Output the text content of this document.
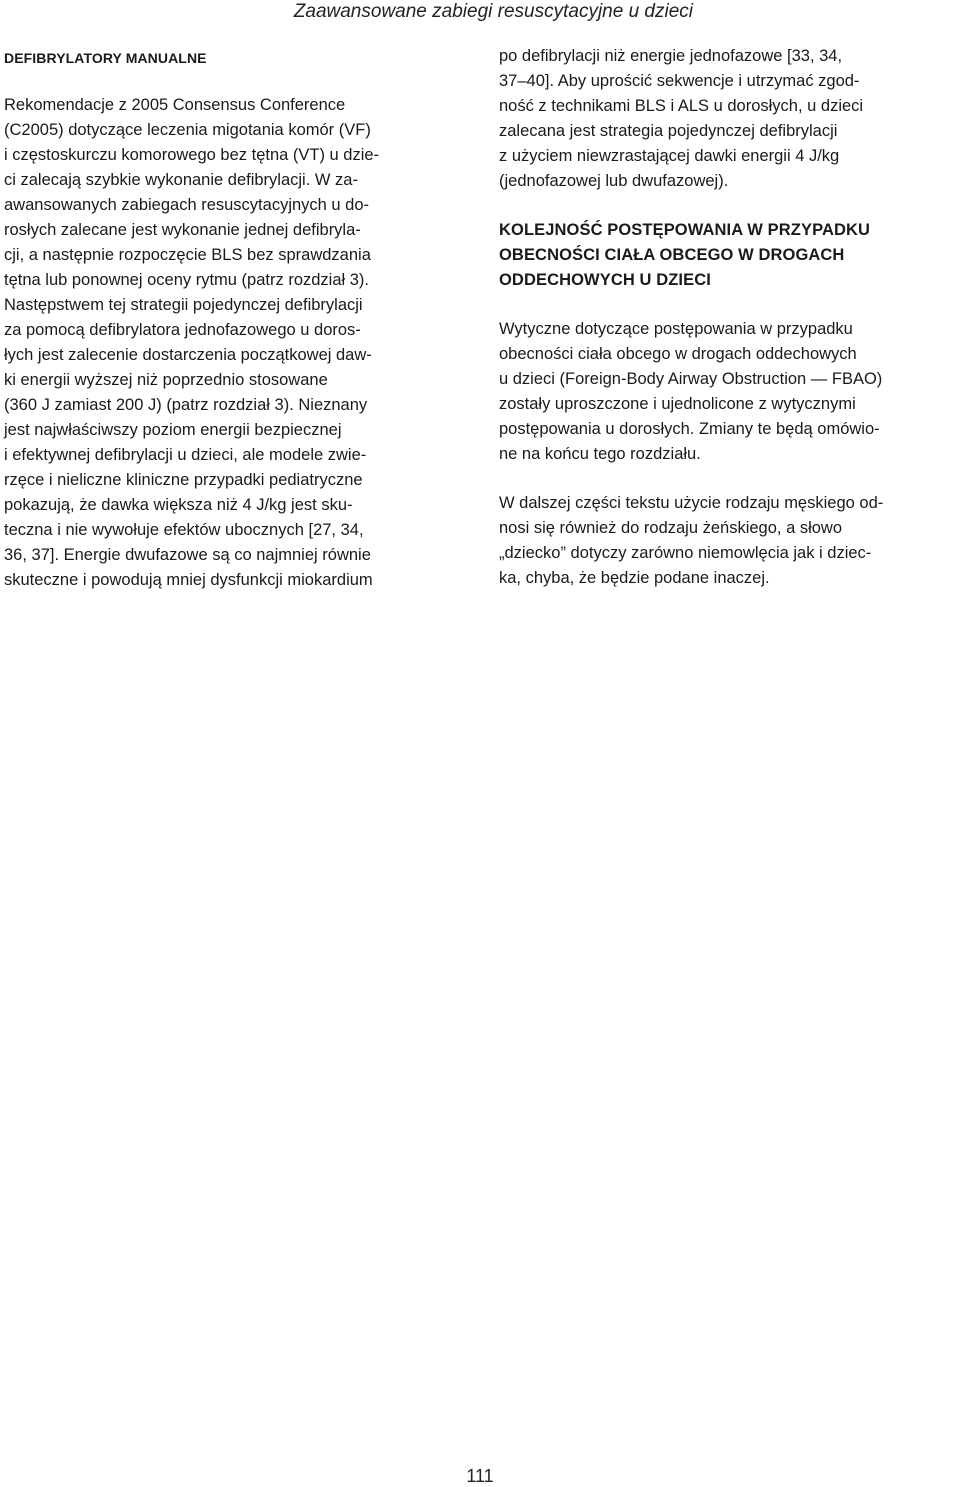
Zaawansowane zabiegi resuscytacyjne u dzieci
DEFIBRYLATORY MANUALNE
Rekomendacje z 2005 Consensus Conference
(C2005) dotyczące leczenia migotania komór (VF)
i częstoskurczu komorowego bez tętna (VT) u dzie-
ci zalecają szybkie wykonanie defibrylacji. W za-
awansowanych zabiegach resuscytacyjnych u do-
rosłych zalecane jest wykonanie jednej defibryla-
cji, a następnie rozpoczęcie BLS bez sprawdzania
tętna lub ponownej oceny rytmu (patrz rozdział 3).
Następstwem tej strategii pojedynczej defibrylacji
za pomocą defibrylatora jednofazowego u doros-
łych jest zalecenie dostarczenia początkowej daw-
ki energii wyższej niż poprzednio stosowane
(360 J zamiast 200 J) (patrz rozdział 3). Nieznany
jest najwłaściwszy poziom energii bezpiecznej
i efektywnej defibrylacji u dzieci, ale modele zwie-
rzęce i nieliczne kliniczne przypadki pediatryczne
pokazują, że dawka większa niż 4 J/kg jest sku-
teczna i nie wywołuje efektów ubocznych [27, 34,
36, 37]. Energie dwufazowe są co najmniej równie
skuteczne i powodują mniej dysfunkcji miokardium
po defibrylacji niż energie jednofazowe [33, 34,
37–40]. Aby uprościć sekwencje i utrzymać zgod-
ność z technikami BLS i ALS u dorosłych, u dzieci
zalecana jest strategia pojedynczej defibrylacji
z użyciem niewzrastającej dawki energii 4 J/kg
(jednofazowej lub dwufazowej).
KOLEJNOŚĆ POSTĘPOWANIA W PRZYPADKU
OBECNOŚCI CIAŁA OBCEGO W DROGACH
ODDECHOWYCH U DZIECI
Wytyczne dotyczące postępowania w przypadku
obecności ciała obcego w drogach oddechowych
u dzieci (Foreign-Body Airway Obstruction — FBAO)
zostały uproszczone i ujednolicone z wytycznymi
postępowania u dorosłych. Zmiany te będą omówio-
ne na końcu tego rozdziału.
W dalszej części tekstu użycie rodzaju męskiego od-
nosi się również do rodzaju żeńskiego, a słowo
„dziecko” dotyczy zarówno niemowlęcia jak i dziec-
ka, chyba, że będzie podane inaczej.
111
